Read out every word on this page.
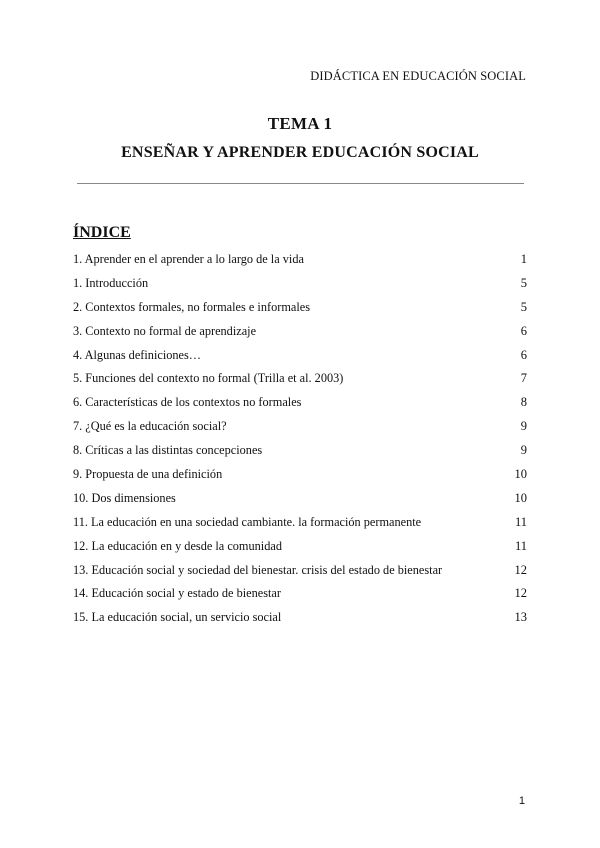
DIDÁCTICA EN EDUCACIÓN SOCIAL
TEMA 1
ENSEÑAR Y APRENDER EDUCACIÓN SOCIAL
ÍNDICE
1. Aprender en el aprender a lo largo de la vida	1
1. Introducción	5
2. Contextos formales, no formales e informales	5
3. Contexto no formal de aprendizaje	6
4. Algunas definiciones…	6
5. Funciones del contexto no formal (Trilla et al. 2003)	7
6. Características de los contextos no formales	8
7. ¿Qué es la educación social?	9
8. Críticas a las distintas concepciones	9
9. Propuesta de una definición	10
10. Dos dimensiones	10
11. La educación en una sociedad cambiante. la formación permanente	11
12. La educación en y desde la comunidad	11
13. Educación social y sociedad del bienestar. crisis del estado de bienestar	12
14. Educación social y estado de bienestar	12
15. La educación social, un servicio social	13
1
